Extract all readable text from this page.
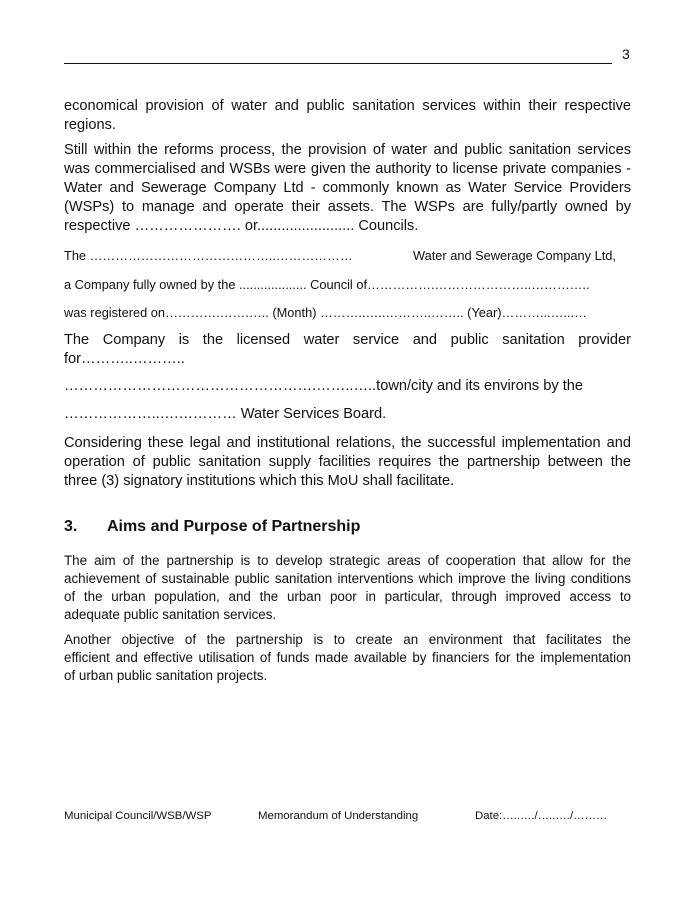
3
economical provision of water and public sanitation services within their respective
regions.
Still within the reforms process, the provision of water and public sanitation services
was commercialised and WSBs were given the authority to license private companies -
Water and Sewerage Company Ltd - commonly known as Water Service Providers
(WSPs) to manage and operate their assets. The WSPs are fully/partly owned by
respective …………………. or........................ Councils.
The ……………………………………..………………	Water and Sewerage Company Ltd,
a Company fully owned by the ................... Council of…………….…………………..…………..
was registered on………….…….….. (Month) ………..…..………..…….. (Year)………...…...…
The Company is the licensed water service and public sanitation provider
for………..………..
…………………………………………….……..…..town/city and its environs by the
………………..….………… Water Services Board.
Considering these legal and institutional relations, the successful implementation and
operation of public sanitation supply facilities requires the partnership between the
three (3) signatory institutions which this MoU shall facilitate.
3. Aims and Purpose of Partnership
The aim of the partnership is to develop strategic areas of cooperation that allow for the
achievement of sustainable public sanitation interventions which improve the living conditions
of the urban population, and the urban poor in particular, through improved access to
adequate public sanitation services.
Another objective of the partnership is to create an environment that facilitates the
efficient and effective utilisation of funds made available by financiers for the implementation
of urban public sanitation projects.
Municipal Council/WSB/WSP	Memorandum of Understanding	Date:…..…./…..…./………
